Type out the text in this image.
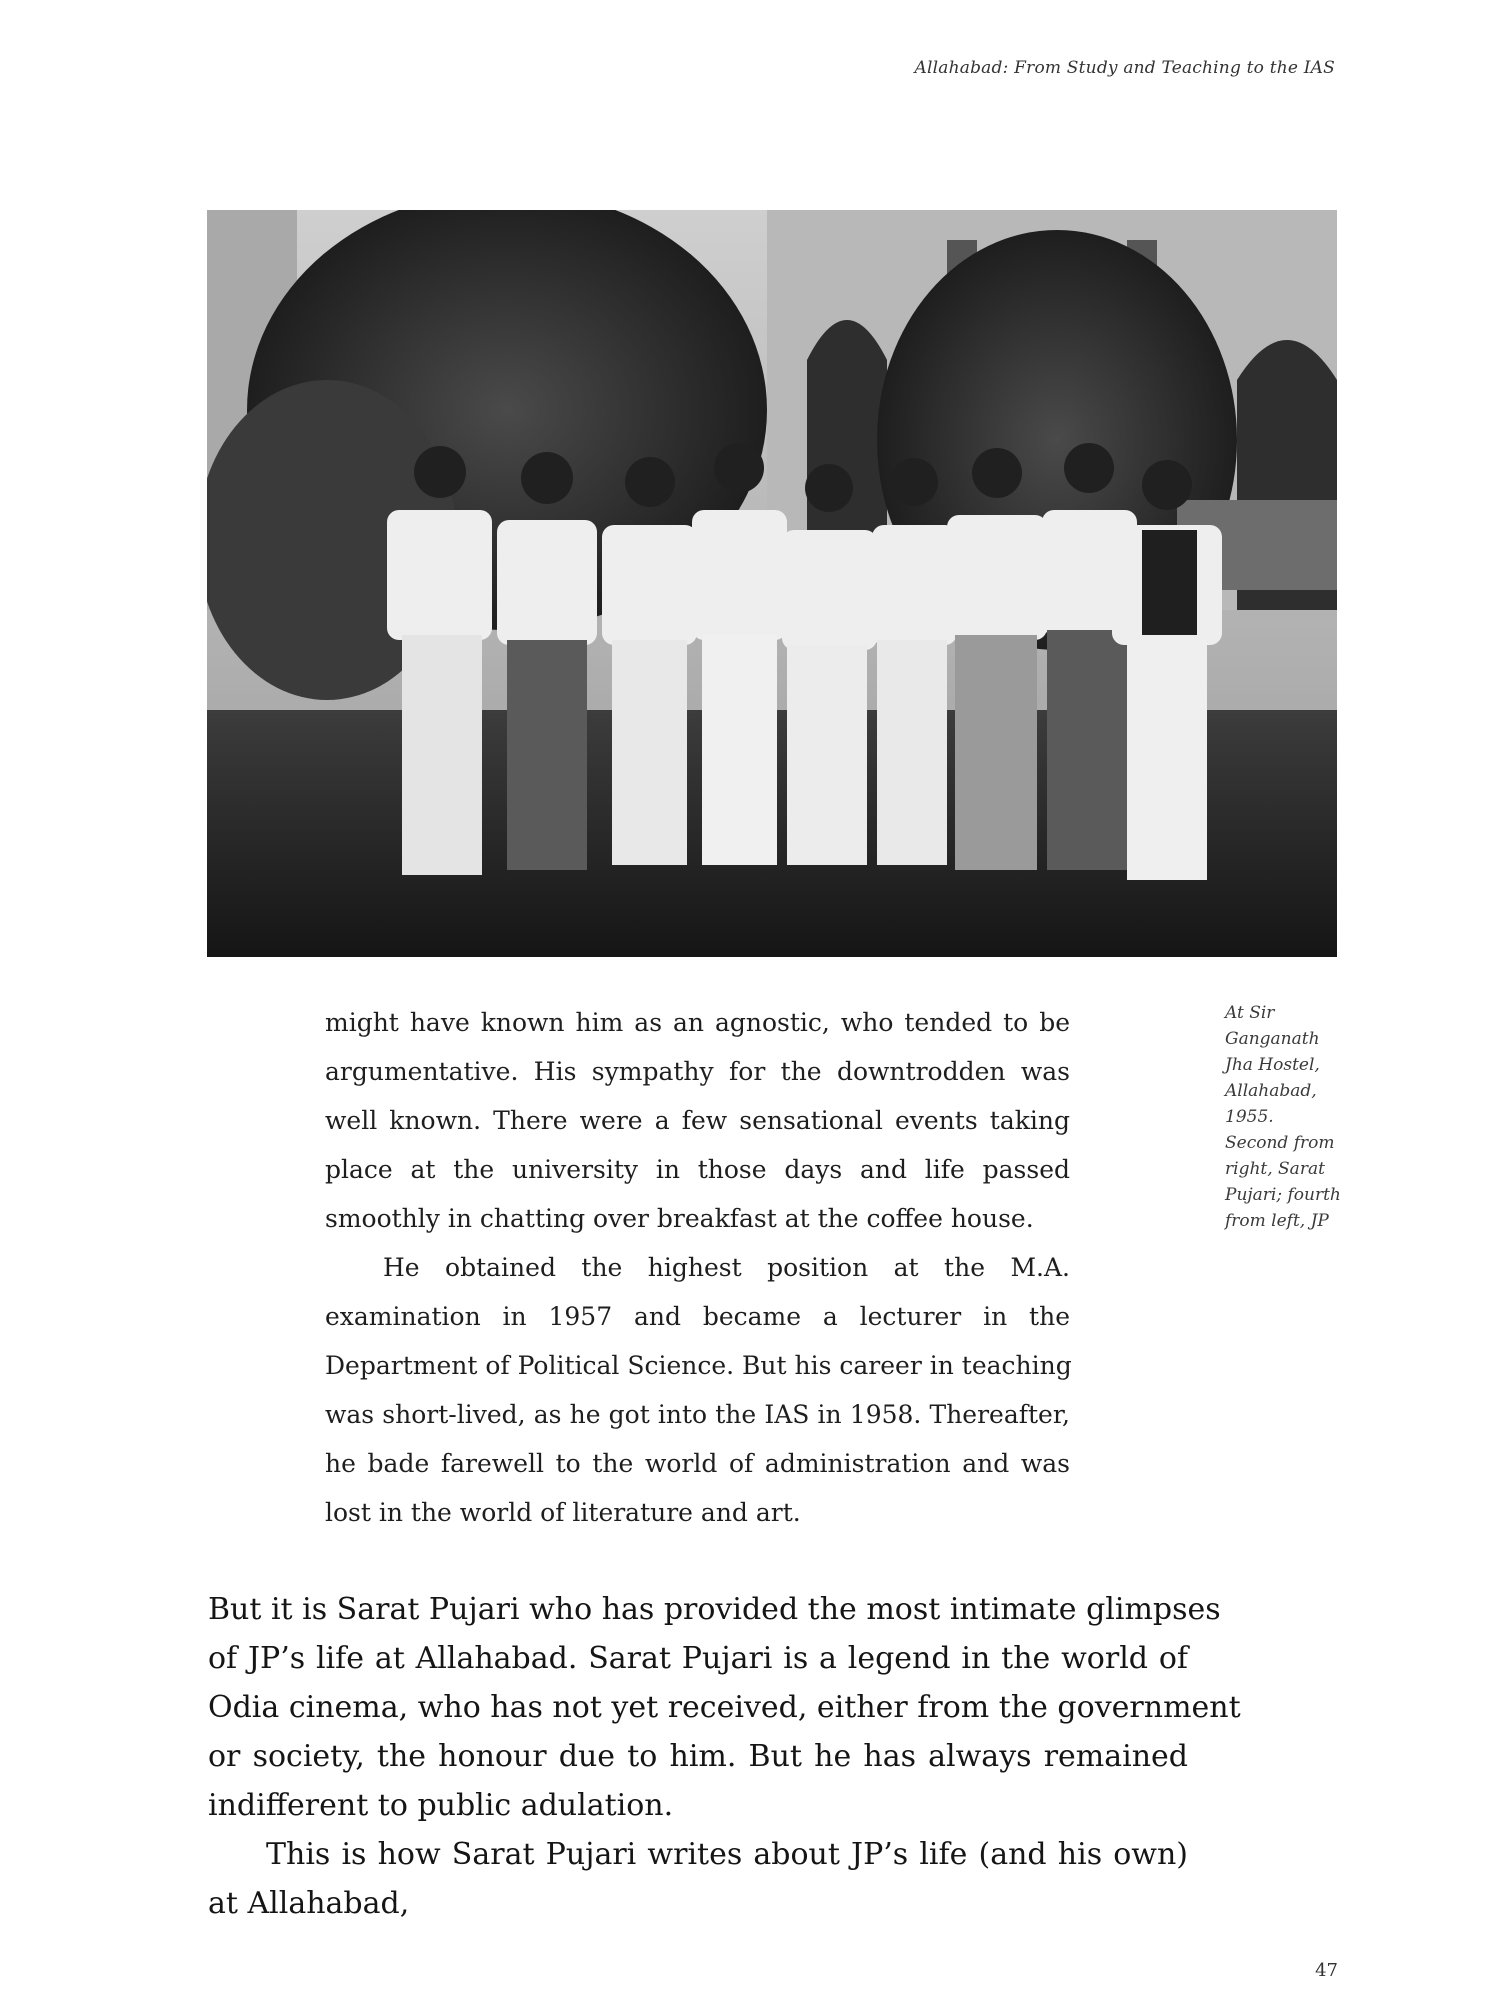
Allahabad: From Study and Teaching to the IAS
At Sir
Ganganath
Jha Hostel,
Allahabad,
1955.
Second from
right, Sarat
Pujari; fourth
from left, JP
might have known him as an agnostic, who tended to be
argumentative. His sympathy for the downtrodden was
well known. There were a few sensational events taking
place at the university in those days and life passed
smoothly in chatting over breakfast at the coffee house.
He obtained the highest position at the M.A.
examination in 1957 and became a lecturer in the
Department of Political Science. But his career in teaching
was short-lived, as he got into the IAS in 1958. Thereafter,
he bade farewell to the world of administration and was
lost in the world of literature and art.
But it is Sarat Pujari who has provided the most intimate glimpses
of JP’s life at Allahabad. Sarat Pujari is a legend in the world of
Odia cinema, who has not yet received, either from the government
or society, the honour due to him. But he has always remained
indifferent to public adulation.
This is how Sarat Pujari writes about JP’s life (and his own)
at Allahabad,
47
